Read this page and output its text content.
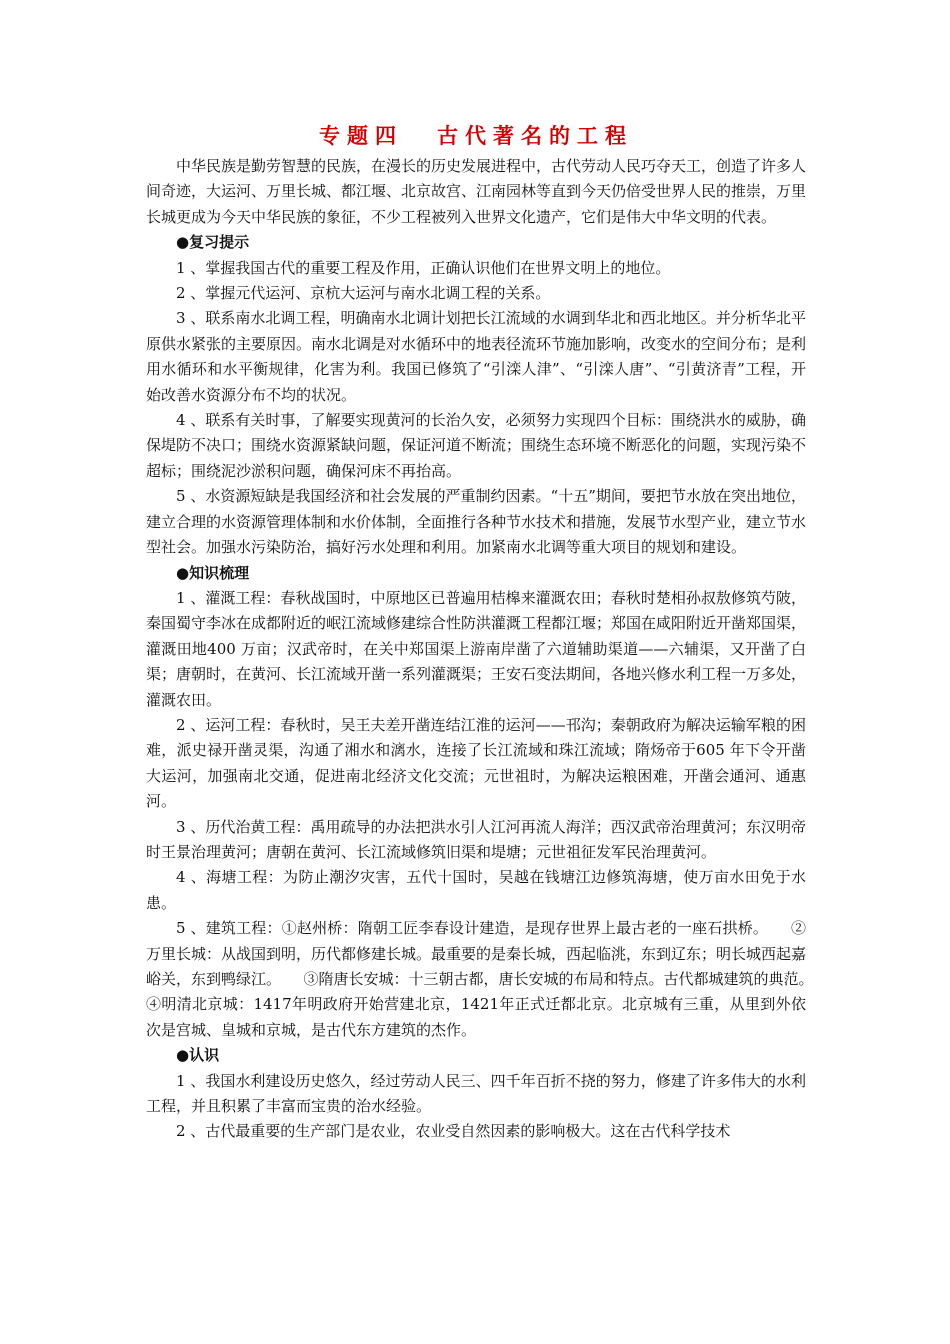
专题四 古代著名的工程

中华民族是勤劳智慧的民族，在漫长的历史发展进程中，古代劳动人民巧夺天工，创造了许多人间奇迹，大运河、万里长城、都江堰、北京故宫、江南园林等直到今天仍倍受世界人民的推崇，万里长城更成为今天中华民族的象征，不少工程被列入世界文化遗产，它们是伟大中华文明的代表。

●复习提示

1 、掌握我国古代的重要工程及作用，正确认识他们在世界文明上的地位。

2 、掌握元代运河、京杭大运河与南水北调工程的关系。

3 、联系南水北调工程，明确南水北调计划把长江流域的水调到华北和西北地区。并分析华北平原供水紧张的主要原因。南水北调是对水循环中的地表径流环节施加影响，改变水的空间分布；是利用水循环和水平衡规律，化害为利。我国已修筑了“引滦人津”、“引滦人唐”、“引黄济青”工程，开始改善水资源分布不均的状况。

4 、联系有关时事，了解要实现黄河的长治久安，必须努力实现四个目标：围绕洪水的威胁，确保堤防不决口；围绕水资源紧缺问题，保证河道不断流；围绕生态环境不断恶化的问题，实现污染不超标；围绕泥沙淤积问题，确保河床不再抬高。

5 、水资源短缺是我国经济和社会发展的严重制约因素。“十五”期间，要把节水放在突出地位，建立合理的水资源管理体制和水价体制，全面推行各种节水技术和措施，发展节水型产业，建立节水型社会。加强水污染防治，搞好污水处理和利用。加紧南水北调等重大项目的规划和建设。

●知识梳理

1 、灌溉工程：春秋战国时，中原地区已普遍用桔槔来灌溉农田；春秋时楚相孙叔敖修筑芍陂，秦国蜀守李冰在成都附近的岷江流域修建综合性防洪灌溉工程都江堰；郑国在咸阳附近开凿郑国渠，灌溉田地400 万亩；汉武帝时，在关中郑国渠上游南岸凿了六道辅助渠道——六辅渠，又开凿了白渠；唐朝时，在黄河、长江流域开凿一系列灌溉渠；王安石变法期间，各地兴修水利工程一万多处，灌溉农田。

2 、运河工程：春秋时，吴王夫差开凿连结江淮的运河——邗沟；秦朝政府为解决运输军粮的困难，派史禄开凿灵渠，沟通了湘水和漓水，连接了长江流域和珠江流域；隋炀帝于605 年下令开凿大运河，加强南北交通，促进南北经济文化交流；元世祖时，为解决运粮困难，开凿会通河、通惠河。

3 、历代治黄工程：禹用疏导的办法把洪水引人江河再流人海洋；西汉武帝治理黄河；东汉明帝时王景治理黄河；唐朝在黄河、长江流域修筑旧渠和堤塘；元世祖征发军民治理黄河。

4 、海塘工程：为防止潮汐灾害，五代十国时，吴越在钱塘江边修筑海塘，使万亩水田免于水患。

5 、建筑工程：①赵州桥：隋朝工匠李春设计建造，是现存世界上最古老的一座石拱桥。　　②万里长城：从战国到明，历代都修建长城。最重要的是秦长城，西起临洮，东到辽东；明长城西起嘉峪关，东到鸭绿江。　　③隋唐长安城：十三朝古都，唐长安城的布局和特点。古代都城建筑的典范。　　④明清北京城：1417年明政府开始营建北京，1421年正式迁都北京。北京城有三重，从里到外依次是宫城、皇城和京城，是古代东方建筑的杰作。

●认识

1 、我国水利建设历史悠久，经过劳动人民三、四千年百折不挠的努力，修建了许多伟大的水利工程，并且积累了丰富而宝贵的治水经验。

2 、古代最重要的生产部门是农业，农业受自然因素的影响极大。这在古代科学技术
